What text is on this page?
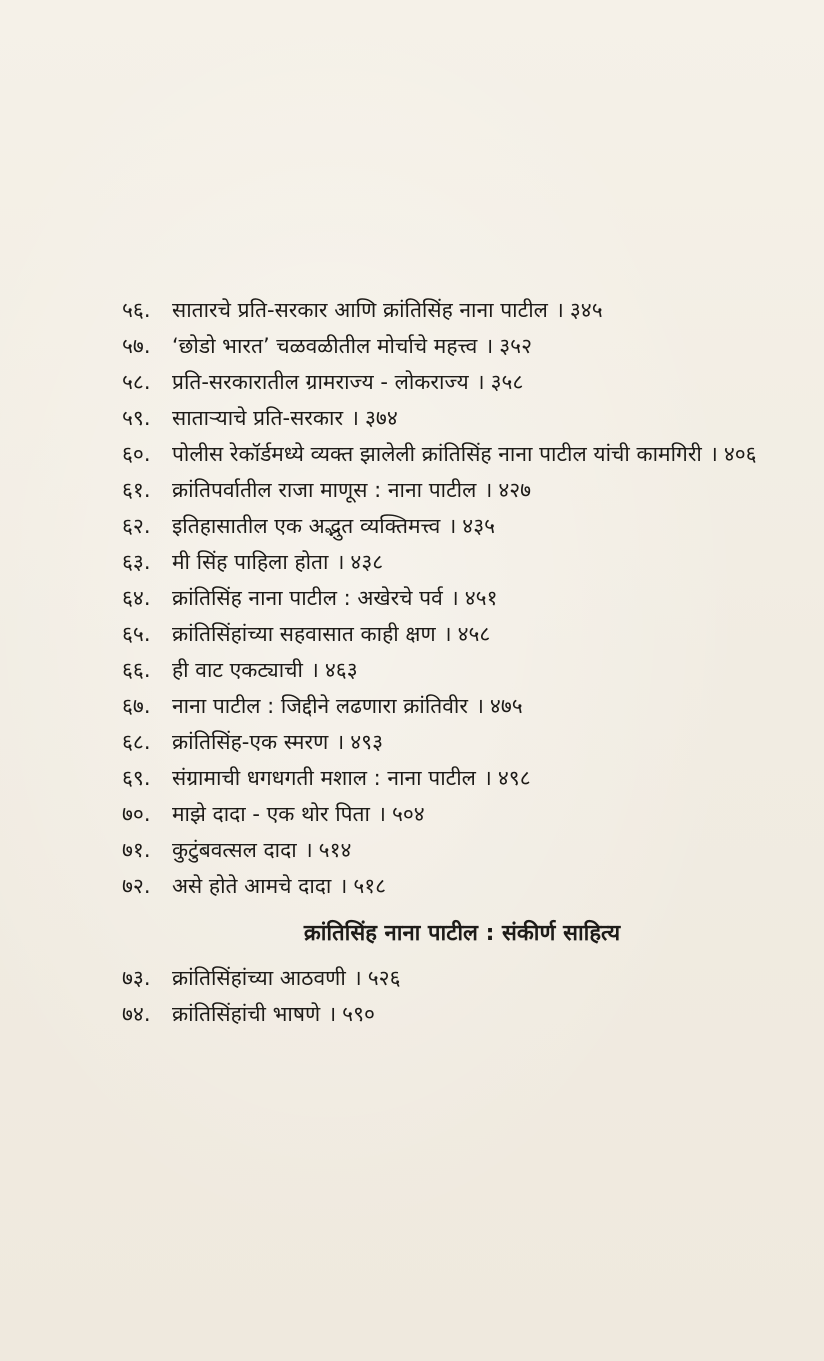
५६.	सातारचे प्रति-सरकार आणि क्रांतिसिंह नाना पाटील । ३४५
५७.	‘छोडो भारत’ चळवळीतील मोर्चाचे महत्त्व । ३५२
५८.	प्रति-सरकारातील ग्रामराज्य - लोकराज्य । ३५८
५९.	साताऱ्याचे प्रति-सरकार । ३७४
६०.	पोलीस रेकॉर्डमध्ये व्यक्त झालेली क्रांतिसिंह नाना पाटील यांची कामगिरी । ४०६
६१.	क्रांतिपर्वातील राजा माणूस : नाना पाटील । ४२७
६२.	इतिहासातील एक अद्भुत व्यक्तिमत्त्व । ४३५
६३.	मी सिंह पाहिला होता । ४३८
६४.	क्रांतिसिंह नाना पाटील : अखेरचे पर्व । ४५१
६५.	क्रांतिसिंहांच्या सहवासात काही क्षण । ४५८
६६.	ही वाट एकट्याची । ४६३
६७.	नाना पाटील : जिद्दीने लढणारा क्रांतिवीर । ४७५
६८.	क्रांतिसिंह-एक स्मरण । ४९३
६९.	संग्रामाची धगधगती मशाल : नाना पाटील । ४९८
७०.	माझे दादा - एक थोर पिता । ५०४
७१.	कुटुंबवत्सल दादा । ५१४
७२.	असे होते आमचे दादा । ५१८
क्रांतिसिंह नाना पाटील : संकीर्ण साहित्य
७३.	क्रांतिसिंहांच्या आठवणी । ५२६
७४.	क्रांतिसिंहांची भाषणे । ५९०
